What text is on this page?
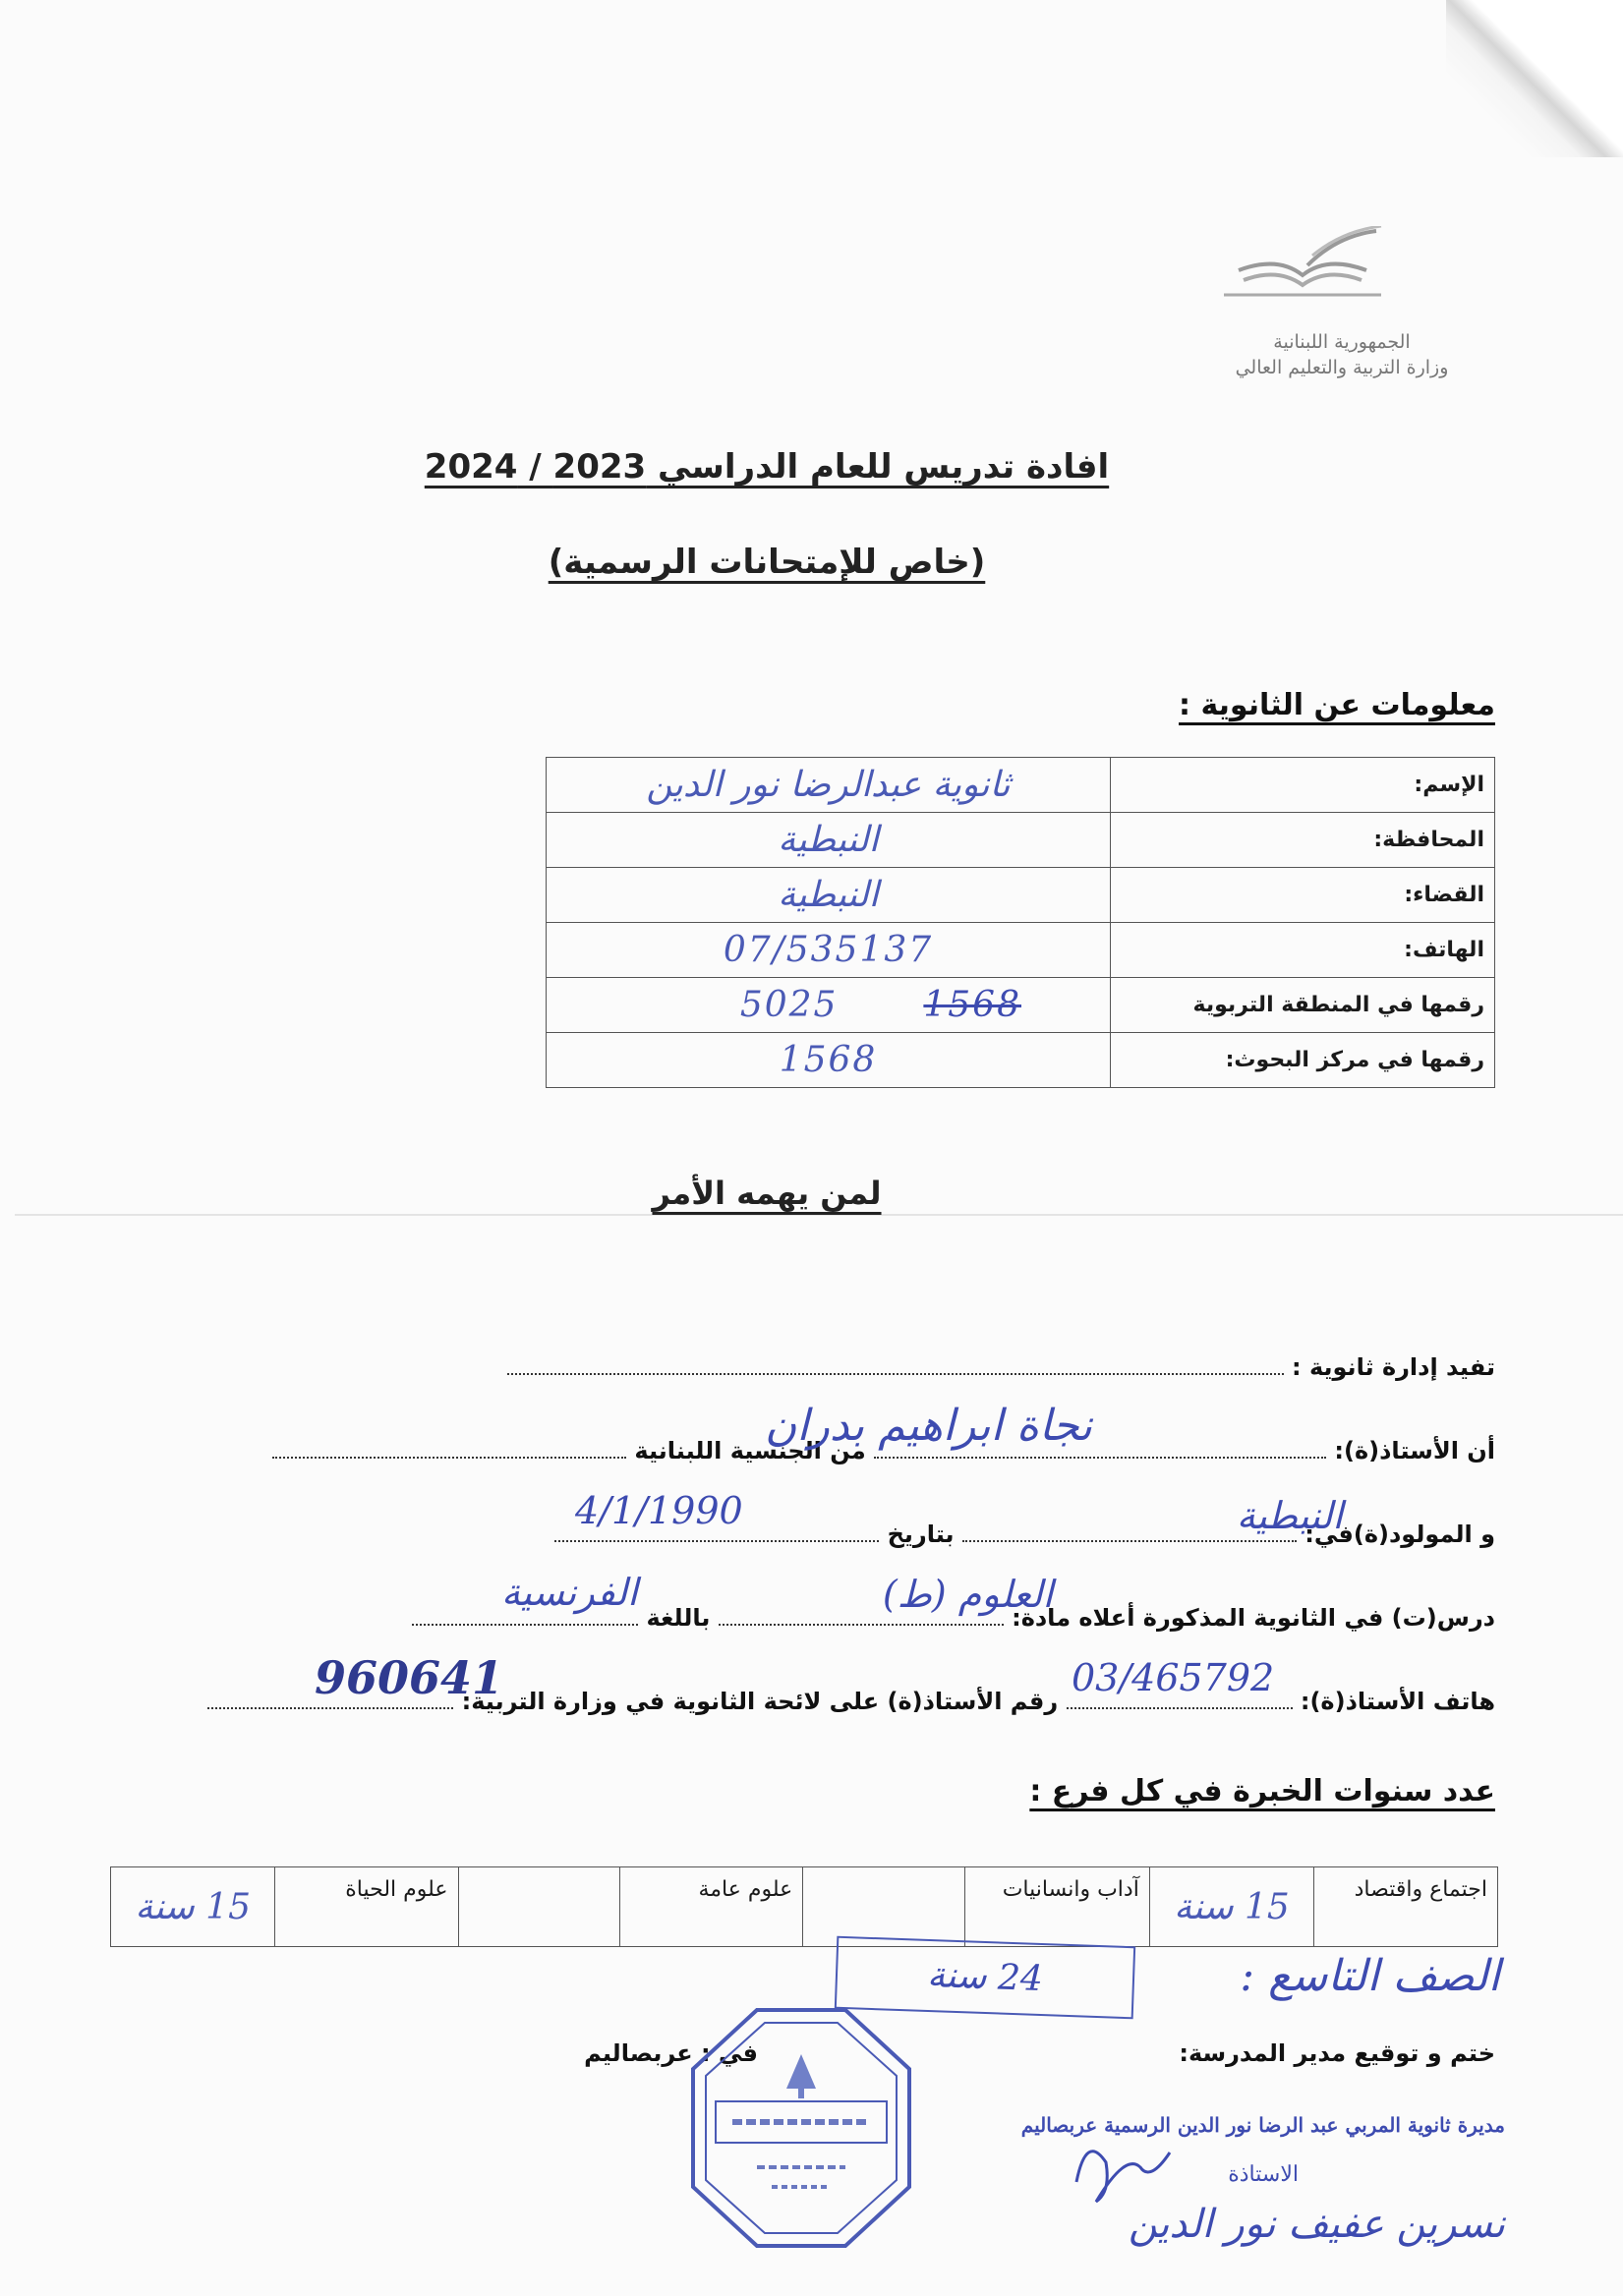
الجمهورية اللبنانية
وزارة التربية والتعليم العالي
افادة تدريس للعام الدراسي 2023 / 2024
(خاص للإمتحانات الرسمية)
معلومات عن الثانوية :
الإسم:	ثانوية عبدالرضا نور الدين
المحافظة:	النبطية
القضاء:	النبطية
الهاتف:	07/535137
رقمها في المنطقة التربوية	1568  5025
رقمها في مركز البحوث:	1568
لمن يهمه الأمر
تفيد إدارة ثانوية :
أن الأستاذ(ة):  من الجنسية اللبنانية
نجاة ابراهيم بدران
و المولود(ة)في:  بتاريخ	النبطية
4/1/1990
درس(ت) في الثانوية المذكورة أعلاه مادة:  باللغة
العلوم (ط)
الفرنسية
هاتف الأستاذ(ة):  رقم الأستاذ(ة) على لائحة الثانوية في وزارة التربية:
03/465792
960641
عدد سنوات الخبرة في كل فرع :
اجتماع واقتصاد	15 سنة	آداب وانسانيات		علوم عامة		علوم الحياة	15 سنة
الصف التاسع :
24 سنة
ختم و توقيع مدير المدرسة:
في : عربصاليم
مديرة ثانوية المربي عبد الرضا نور الدين الرسمية عربصاليم
الاستاذة
نسرين عفيف نور الدين
